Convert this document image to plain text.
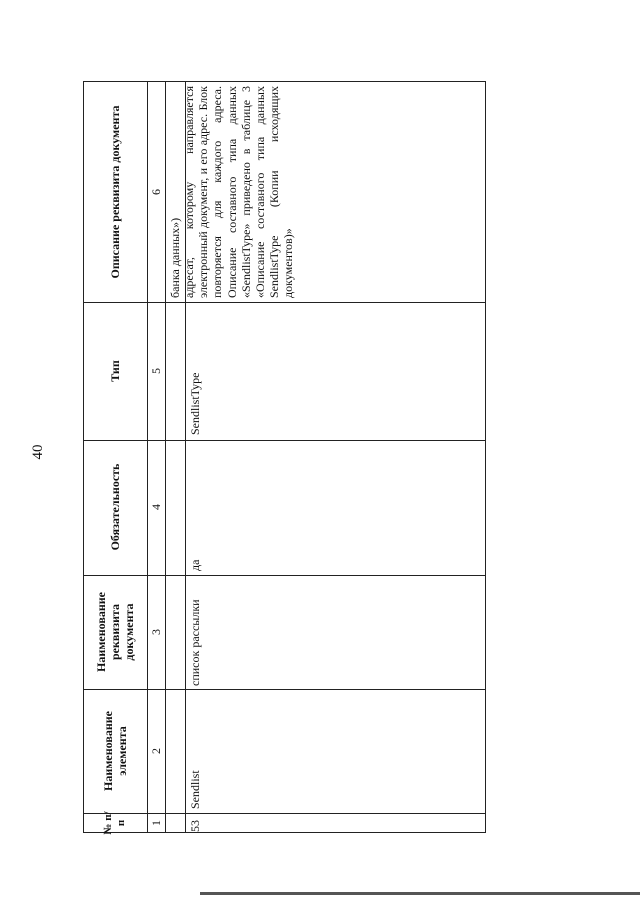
40
Описание реквизита документа
Тип
Обязательность
Наименование реквизита документа
Наименование элемента
№ п/п
6
5
4
3
2
1
банка данных») адресат, которому направляется электронный документ, и его адрес. Блок повторяется для каждого адреса. Описание составного типа данных «SendlistType» приведено в таблице 3 «Описание составного типа данных SendlistType (Копии исходящих документов)»
SendlistType
да
список рассылки
Sendlist
53
